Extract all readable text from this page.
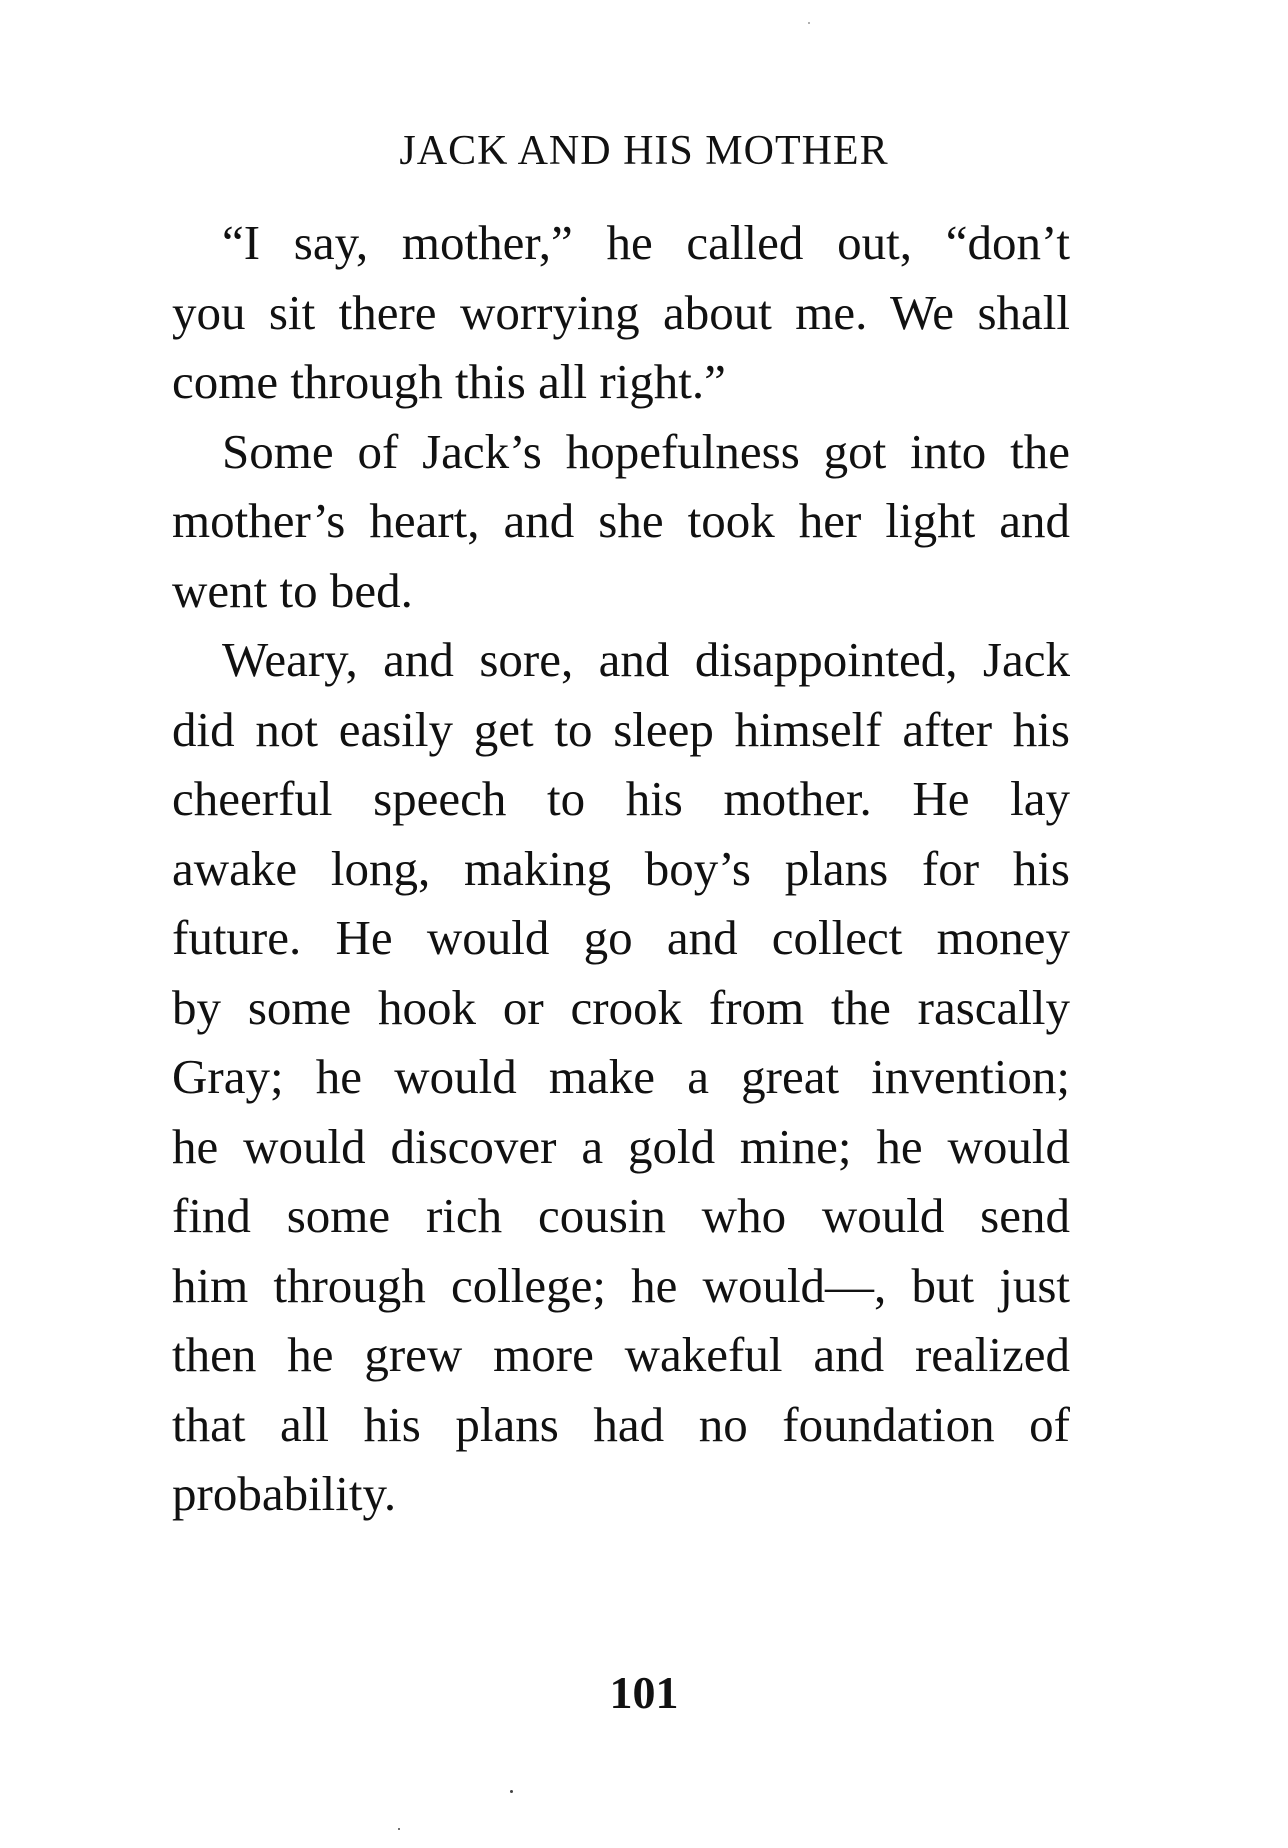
JACK AND HIS MOTHER
“I say, mother,” he called out, “don’t
you sit there worrying about me. We shall
come through this all right.”
Some of Jack’s hopefulness got into the
mother’s heart, and she took her light and
went to bed.
Weary, and sore, and disappointed, Jack
did not easily get to sleep himself after his
cheerful speech to his mother. He lay
awake long, making boy’s plans for his
future. He would go and collect money
by some hook or crook from the rascally
Gray; he would make a great invention;
he would discover a gold mine; he would
find some rich cousin who would send
him through college; he would—, but just
then he grew more wakeful and realized
that all his plans had no foundation of
probability.
101
